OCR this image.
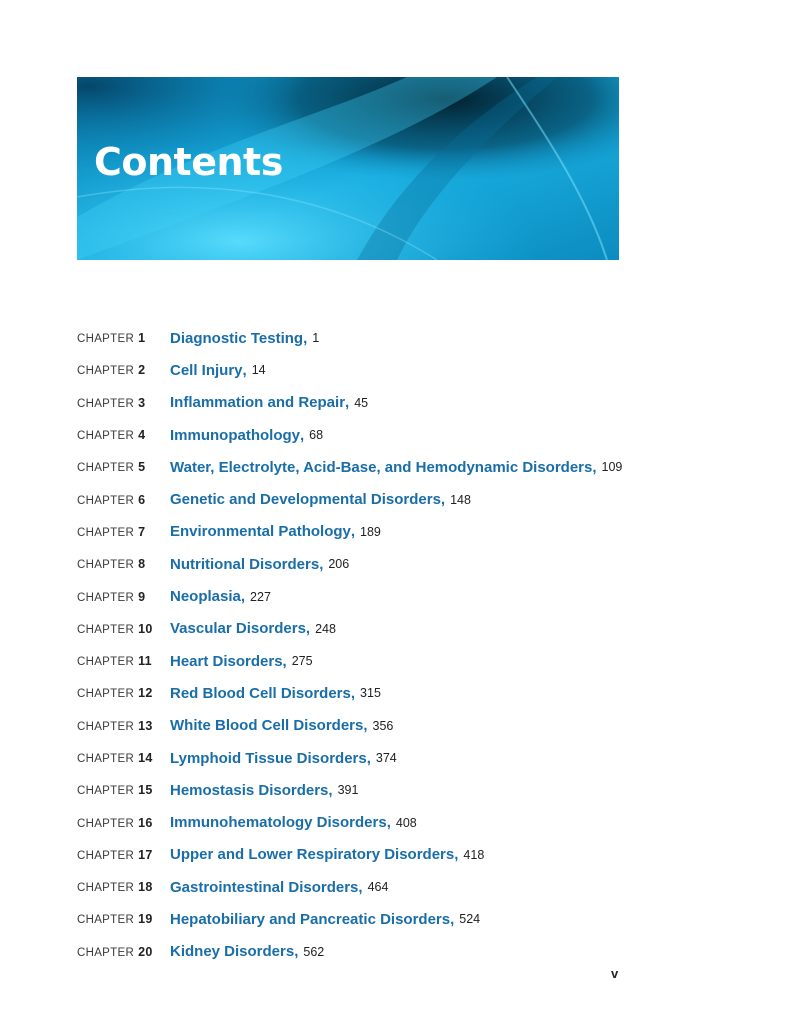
Contents
CHAPTER 1	Diagnostic Testing , 1
CHAPTER 2	Cell Injury , 14
CHAPTER 3	Inflammation and Repair , 45
CHAPTER 4	Immunopathology , 68
CHAPTER 5	Water, Electrolyte, Acid-Base, and Hemodynamic Disorders , 109
CHAPTER 6	Genetic and Developmental Disorders , 148
CHAPTER 7	Environmental Pathology , 189
CHAPTER 8	Nutritional Disorders , 206
CHAPTER 9	Neoplasia , 227
CHAPTER 10	Vascular Disorders , 248
CHAPTER 11	Heart Disorders , 275
CHAPTER 12	Red Blood Cell Disorders , 315
CHAPTER 13	White Blood Cell Disorders , 356
CHAPTER 14	Lymphoid Tissue Disorders , 374
CHAPTER 15	Hemostasis Disorders , 391
CHAPTER 16	Immunohematology Disorders , 408
CHAPTER 17	Upper and Lower Respiratory Disorders , 418
CHAPTER 18	Gastrointestinal Disorders , 464
CHAPTER 19	Hepatobiliary and Pancreatic Disorders , 524
CHAPTER 20	Kidney Disorders , 562
v
